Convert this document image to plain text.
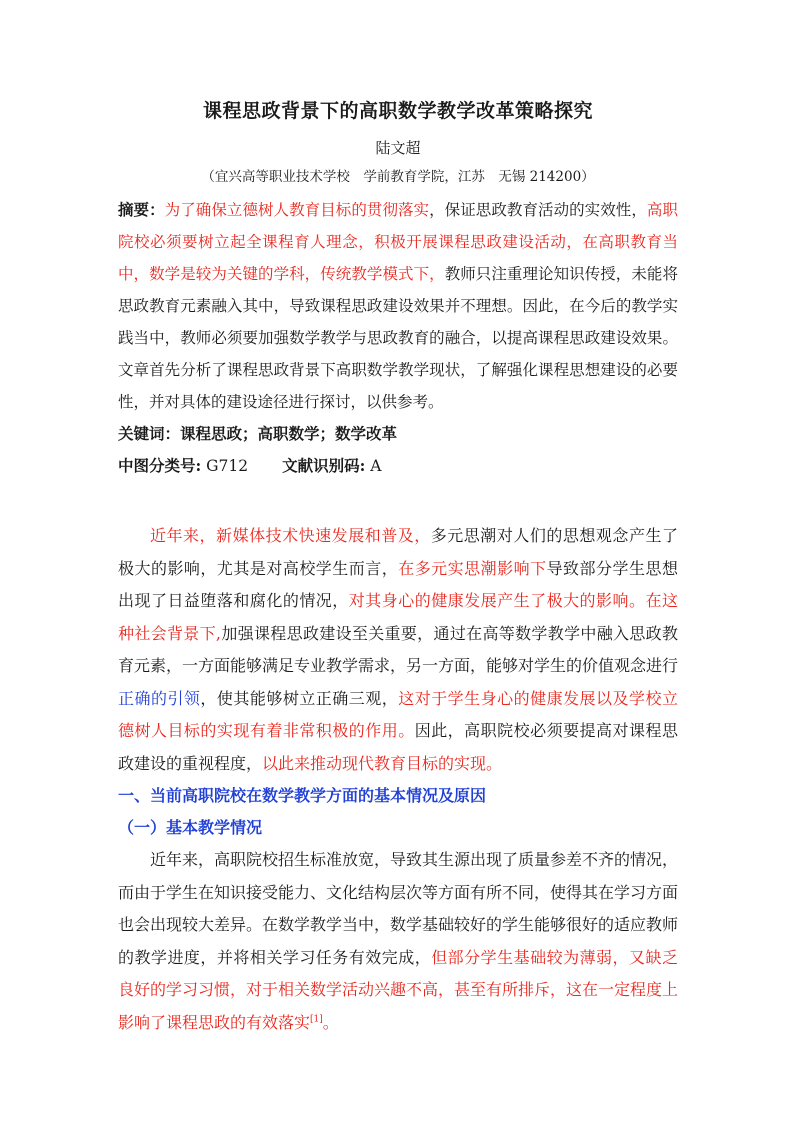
课程思政背景下的高职数学教学改革策略探究
陆文超
（宜兴高等职业技术学校　学前教育学院，江苏　无锡 214200）

摘要：为了确保立德树人教育目标的贯彻落实，保证思政教育活动的实效性，高职院校必须要树立起全课程育人理念，积极开展课程思政建设活动，在高职教育当中，数学是较为关键的学科，传统教学模式下，教师只注重理论知识传授，未能将思政教育元素融入其中，导致课程思政建设效果并不理想。因此，在今后的教学实践当中，教师必须要加强数学教学与思政教育的融合，以提高课程思政建设效果。文章首先分析了课程思政背景下高职数学教学现状，了解强化课程思想建设的必要性，并对具体的建设途径进行探讨，以供参考。

关键词：课程思政；高职数学；数学改革

中图分类号: G712 文献识别码: A

近年来，新媒体技术快速发展和普及，多元思潮对人们的思想观念产生了极大的影响，尤其是对高校学生而言，在多元实思潮影响下导致部分学生思想出现了日益堕落和腐化的情况，对其身心的健康发展产生了极大的影响。在这种社会背景下,加强课程思政建设至关重要，通过在高等数学教学中融入思政教育元素，一方面能够满足专业教学需求，另一方面，能够对学生的价值观念进行正确的引领，使其能够树立正确三观，这对于学生身心的健康发展以及学校立德树人目标的实现有着非常积极的作用。因此，高职院校必须要提高对课程思政建设的重视程度，以此来推动现代教育目标的实现。

一、当前高职院校在数学教学方面的基本情况及原因
（一）基本教学情况

近年来，高职院校招生标准放宽，导致其生源出现了质量参差不齐的情况，而由于学生在知识接受能力、文化结构层次等方面有所不同，使得其在学习方面也会出现较大差异。在数学教学当中，数学基础较好的学生能够很好的适应教师的教学进度，并将相关学习任务有效完成，但部分学生基础较为薄弱，又缺乏良好的学习习惯，对于相关数学活动兴趣不高，甚至有所排斥，这在一定程度上影响了课程思政的有效落实[1]。
